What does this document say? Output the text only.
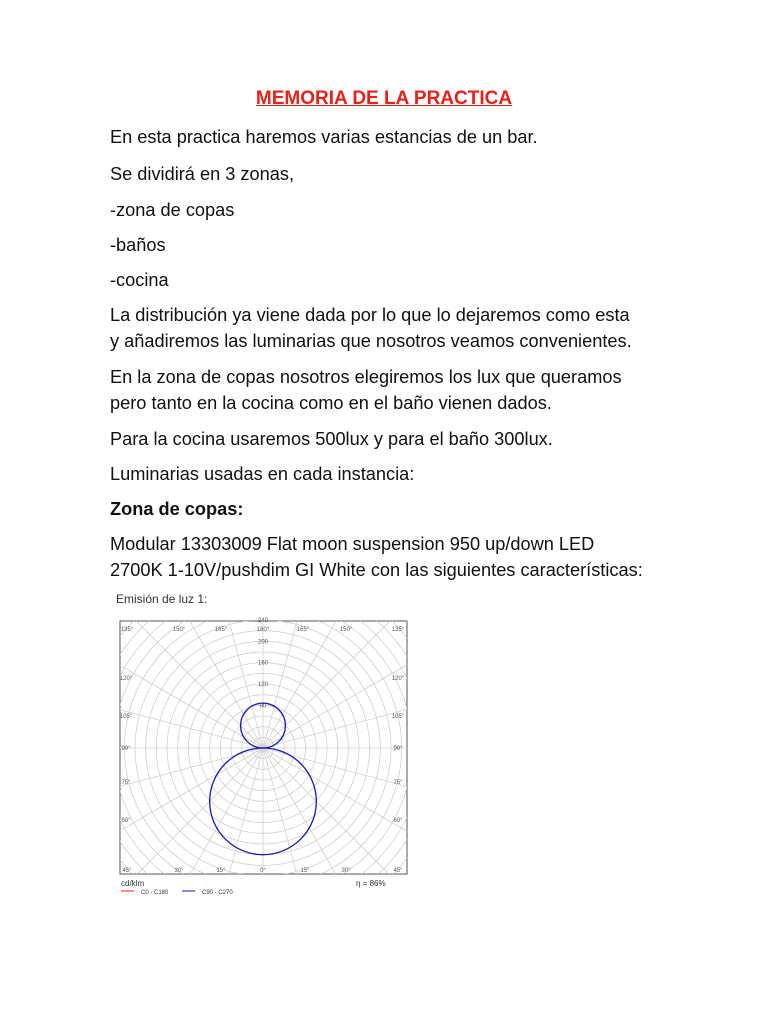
MEMORIA DE LA PRACTICA
En esta practica haremos varias estancias de un bar.
Se dividirá en 3 zonas,
-zona de copas
-baños
-cocina
La distribución ya viene dada por lo que lo dejaremos como esta
y añadiremos las luminarias que nosotros veamos convenientes.
En la zona de copas nosotros elegiremos los lux que queramos
pero tanto en la cocina como en el baño vienen dados.
Para la cocina usaremos 500lux y para el baño 300lux.
Luminarias usadas en cada instancia:
Zona de copas:
Modular 13303009 Flat moon suspension 950 up/down LED
2700K 1-10V/pushdim GI White con las siguientes características:
Emisión de luz 1:
135°	150°	165°	180°	165°	150°	135°
45°	30°	15°	0°	15°	30°	45°
120°	120°
105°	105°
90°	90°
75°	75°
60°	60°
80
120
160
200
240
cd/klm	η = 86%
C0 - C180	C90 - C270
